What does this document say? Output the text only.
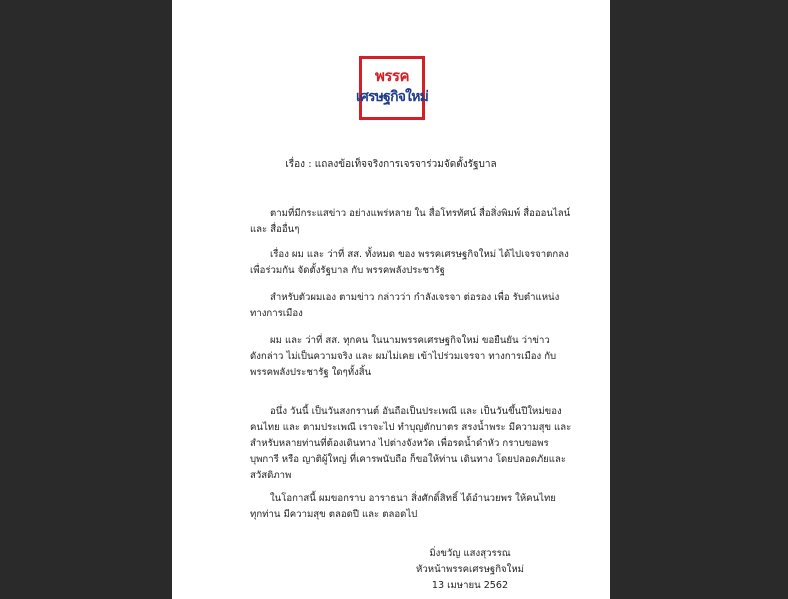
พรรค
เศรษฐกิจใหม่
เรื่อง : แถลงข้อเท็จจริงการเจรจาร่วมจัดตั้งรัฐบาล
ตามที่มีกระแสข่าว อย่างแพร่หลาย ใน สื่อโทรทัศน์ สื่อสิ่งพิมพ์ สื่อออนไลน์
และ สื่ออื่นๆ
เรื่อง ผม และ ว่าที่ สส. ทั้งหมด ของ พรรคเศรษฐกิจใหม่ ได้ไปเจรจาตกลง
เพื่อร่วมกัน จัดตั้งรัฐบาล กับ พรรคพลังประชารัฐ
สำหรับตัวผมเอง ตามข่าว กล่าวว่า กำลังเจรจา ต่อรอง เพื่อ รับตำแหน่ง
ทางการเมือง
ผม และ ว่าที่ สส. ทุกคน ในนามพรรคเศรษฐกิจใหม่ ขอยืนยัน ว่าข่าว
ดังกล่าว ไม่เป็นความจริง และ ผมไม่เคย เข้าไปร่วมเจรจา ทางการเมือง กับ
พรรคพลังประชารัฐ ใดๆทั้งสิ้น
อนึ่ง วันนี้ เป็นวันสงกรานต์ อันถือเป็นประเพณี และ เป็นวันขึ้นปีใหม่ของ
คนไทย และ ตามประเพณี เราจะไป ทำบุญตักบาตร สรงน้ำพระ มีความสุข และ
สำหรับหลายท่านที่ต้องเดินทาง ไปต่างจังหวัด เพื่อรดน้ำดำหัว กราบขอพร
บุพการี หรือ ญาติผู้ใหญ่ ที่เคารพนับถือ ก็ขอให้ท่าน เดินทาง โดยปลอดภัยและ
สวัสดิภาพ
ในโอกาสนี้ ผมขอกราบ อาราธนา สิ่งศักดิ์สิทธิ์ ได้อำนวยพร ให้คนไทย
ทุกท่าน มีความสุข ตลอดปี และ ตลอดไป
มิ่งขวัญ แสงสุวรรณ
หัวหน้าพรรคเศรษฐกิจใหม่
13 เมษายน 2562
